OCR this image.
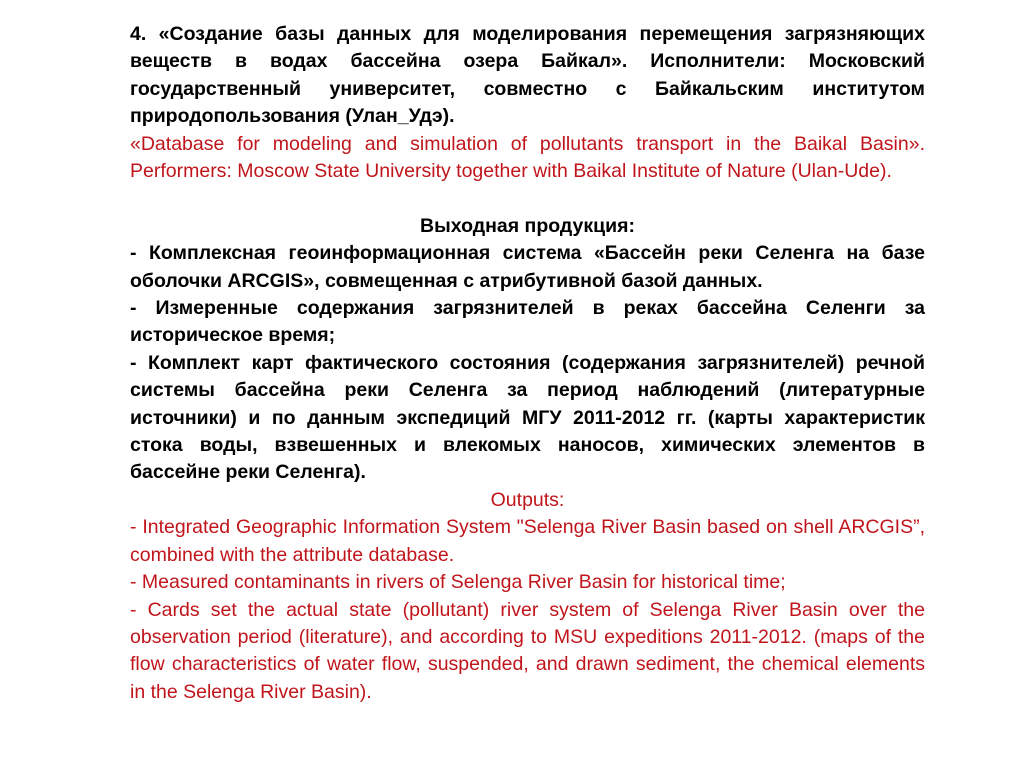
4. «Создание базы данных для моделирования перемещения загрязняющих веществ в водах бассейна озера Байкал». Исполнители: Московский государственный университет, совместно с Байкальским институтом природопользования (Улан_Удэ).

«Database for modeling and simulation of pollutants transport in the Baikal Basin». Performers: Moscow State University together with Baikal Institute of Nature (Ulan-Ude).

Выходная продукция:

- Комплексная геоинформационная система «Бассейн реки Селенга на базе оболочки ARCGIS», совмещенная с атрибутивной базой данных.

- Измеренные содержания загрязнителей в реках бассейна Селенги за историческое время;

- Комплект карт фактического состояния (содержания загрязнителей) речной системы бассейна реки Селенга за период наблюдений (литературные источники) и по данным экспедиций МГУ 2011-2012 гг. (карты характеристик стока воды, взвешенных и влекомых наносов, химических элементов в бассейне реки Селенга).

Outputs:

- Integrated Geographic Information System "Selenga River Basin based on shell ARCGIS”, combined with the attribute database.

- Measured contaminants in rivers of Selenga River Basin for historical time;

- Cards set the actual state (pollutant) river system of Selenga River Basin over the observation period (literature), and according to MSU expeditions 2011-2012. (maps of the flow characteristics of water flow, suspended, and drawn sediment, the chemical elements in the Selenga River Basin).
